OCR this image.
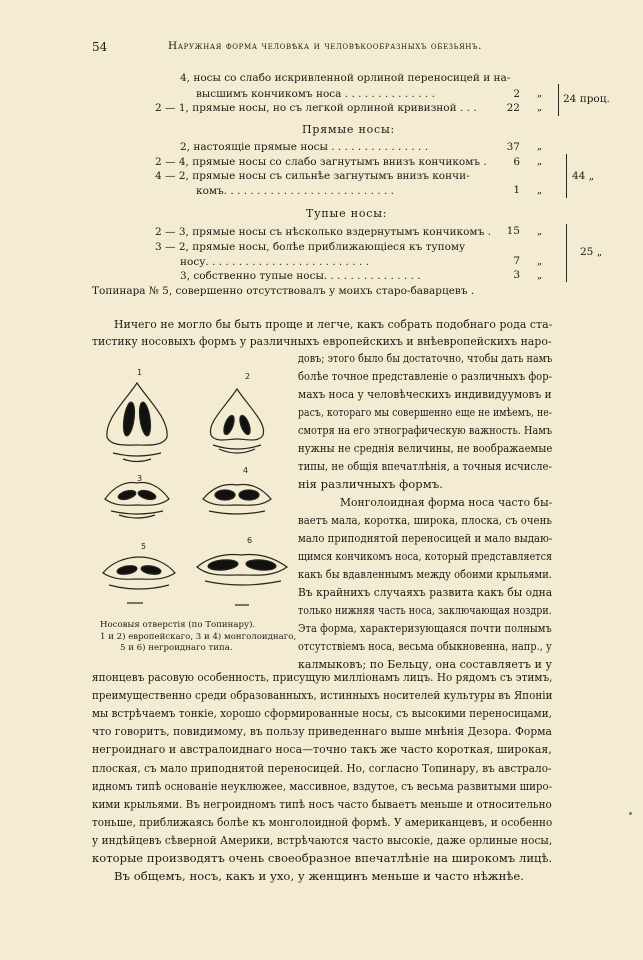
54	Наружная форма человѣка и человѣкообразныхъ обезьянъ.
4, носы со слабо искривленной орлиной переносицей и на-
высшимъ кончикомъ носа . . . . . . . . . . . . . .	2 „
2 — 1, прямые носы, но съ легкой орлиной кривизной . . .	22 „
24 проц.
Прямые носы:
2, настоящіе прямые носы . . . . . . . . . . . . . . .	37 „
2 — 4, прямые носы со слабо загнутымъ внизъ кончикомъ .	6 „
4 — 2, прямые носы съ сильнѣе загнутымъ внизъ кончи-
комъ. . . . . . . . . . . . . . . . . . . . . . . . . .	1 „
44 „
Тупые носы:
2 — 3, прямые носы съ нѣсколько вздернутымъ кончикомъ .	15 „
3 — 2, прямые носы, болѣе приближающіеся къ тупому
носу. . . . . . . . . . . . . . . . . . . . . . . . .	7 „
3, собственно тупые носы. . . . . . . . . . . . . . .	3 „
25 „
Топинара № 5, совершенно отсутствовалъ у моихъ старо-баварцевъ .
Ничего не могло бы быть проще и легче, какъ собрать подобнаго рода ста-
тистику носовыхъ формъ у различныхъ европейскихъ и внѣевропейскихъ наро-
1	2
3
4
5
6
Носовыя отверстія (по Топинару).
1 и 2) европейскаго, 3 и 4) монголоиднаго,
5 и 6) негроиднаго типа.
довъ; этого было бы достаточно, чтобы дать намъ
болѣе точное представленіе о различныхъ фор-
махъ носа у человѣческихъ индивидуумовъ и
расъ, котораго мы совершенно еще не имѣемъ, не-
смотря на его этнографическую важность. Намъ
нужны не среднія величины, не воображаемые
типы, не общія впечатлѣнія, а точныя исчисле-
нія различныхъ формъ.
Монголоидная форма носа часто бы-
ваетъ мала, коротка, широка, плоска, съ очень
мало приподнятой переносицей и мало выдаю-
щимся кончикомъ носа, который представляется
какъ бы вдавленнымъ между обоими крыльями.
Въ крайнихъ случаяхъ развита какъ бы одна
только нижняя часть носа, заключающая ноздри.
Эта форма, характеризующаяся почти полнымъ
отсутствіемъ носа, весьма обыкновенна, напр., у
калмыковъ; по Бельцу, она составляетъ и у
японцевъ расовую особенность, присущую милліонамъ лицъ. Но рядомъ съ этимъ,
преимущественно среди образованныхъ, истинныхъ носителей культуры въ Японіи
мы встрѣчаемъ тонкіе, хорошо сформированные носы, съ высокими переносицами,
что говоритъ, повидимому, въ пользу приведеннаго выше мнѣнія Дезора. Форма
негроиднаго и австралоиднаго носа—точно такъ же часто короткая, широкая,
плоская, съ мало приподнятой переносицей. Но, согласно Топинару, въ австрало-
идномъ типѣ основаніе неуклюжее, массивное, вздутое, съ весьма развитыми широ-
кими крыльями. Въ негроидномъ типѣ носъ часто бываетъ меньше и относительно
тоньше, приближаясь болѣе къ монголоидной формѣ. У американцевъ, и особенно
у индѣйцевъ сѣверной Америки, встрѣчаются часто высокіе, даже орлиные носы,
которые производятъ очень своеобразное впечатлѣніе на широкомъ лицѣ.
Въ общемъ, носъ, какъ и ухо, у женщинъ меньше и часто нѣжнѣе.
